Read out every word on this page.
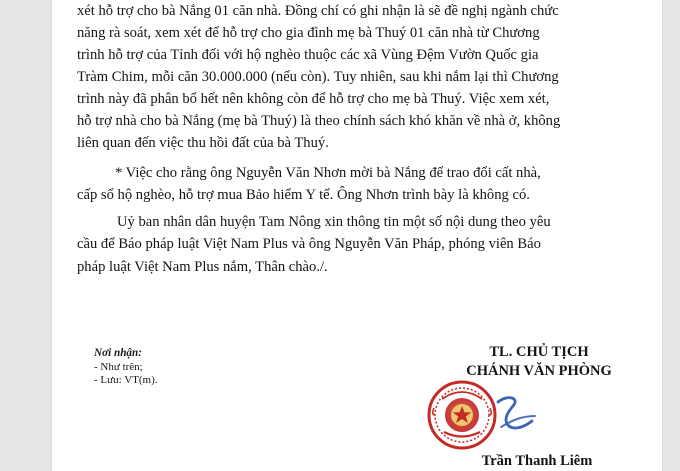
xét hỗ trợ cho bà Nắng 01 căn nhà. Đồng chí có ghi nhận là sẽ đề nghị ngành chức
năng rà soát, xem xét để hỗ trợ cho gia đình mẹ bà Thuý 01 căn nhà từ Chương
trình hỗ trợ của Tỉnh đối với hộ nghèo thuộc các xã Vùng Đệm Vườn Quốc gia
Tràm Chim, mỗi căn 30.000.000 (nếu còn). Tuy nhiên, sau khi nắm lại thì Chương
trình này đã phân bổ hết nên không còn để hỗ trợ cho mẹ bà Thuý. Việc xem xét,
hỗ trợ nhà cho bà Nắng (mẹ bà Thuý) là theo chính sách khó khăn về nhà ở, không
liên quan đến việc thu hồi đất của bà Thuý.

* Việc cho rằng ông Nguyễn Văn Nhơn mời bà Nắng để trao đổi cất nhà,
cấp sổ hộ nghèo, hỗ trợ mua Bảo hiểm Y tế. Ông Nhơn trình bày là không có.

Uỷ ban nhân dân huyện Tam Nông xin thông tin một số nội dung theo yêu
cầu để Báo pháp luật Việt Nam Plus và ông Nguyễn Văn Pháp, phóng viên Báo
pháp luật Việt Nam Plus nắm, Thân chào./.

Nơi nhận:
- Như trên;
- Lưu: VT(m).
TL. CHỦ TỊCH
CHÁNH VĂN PHÒNG
Trần Thanh Liêm
